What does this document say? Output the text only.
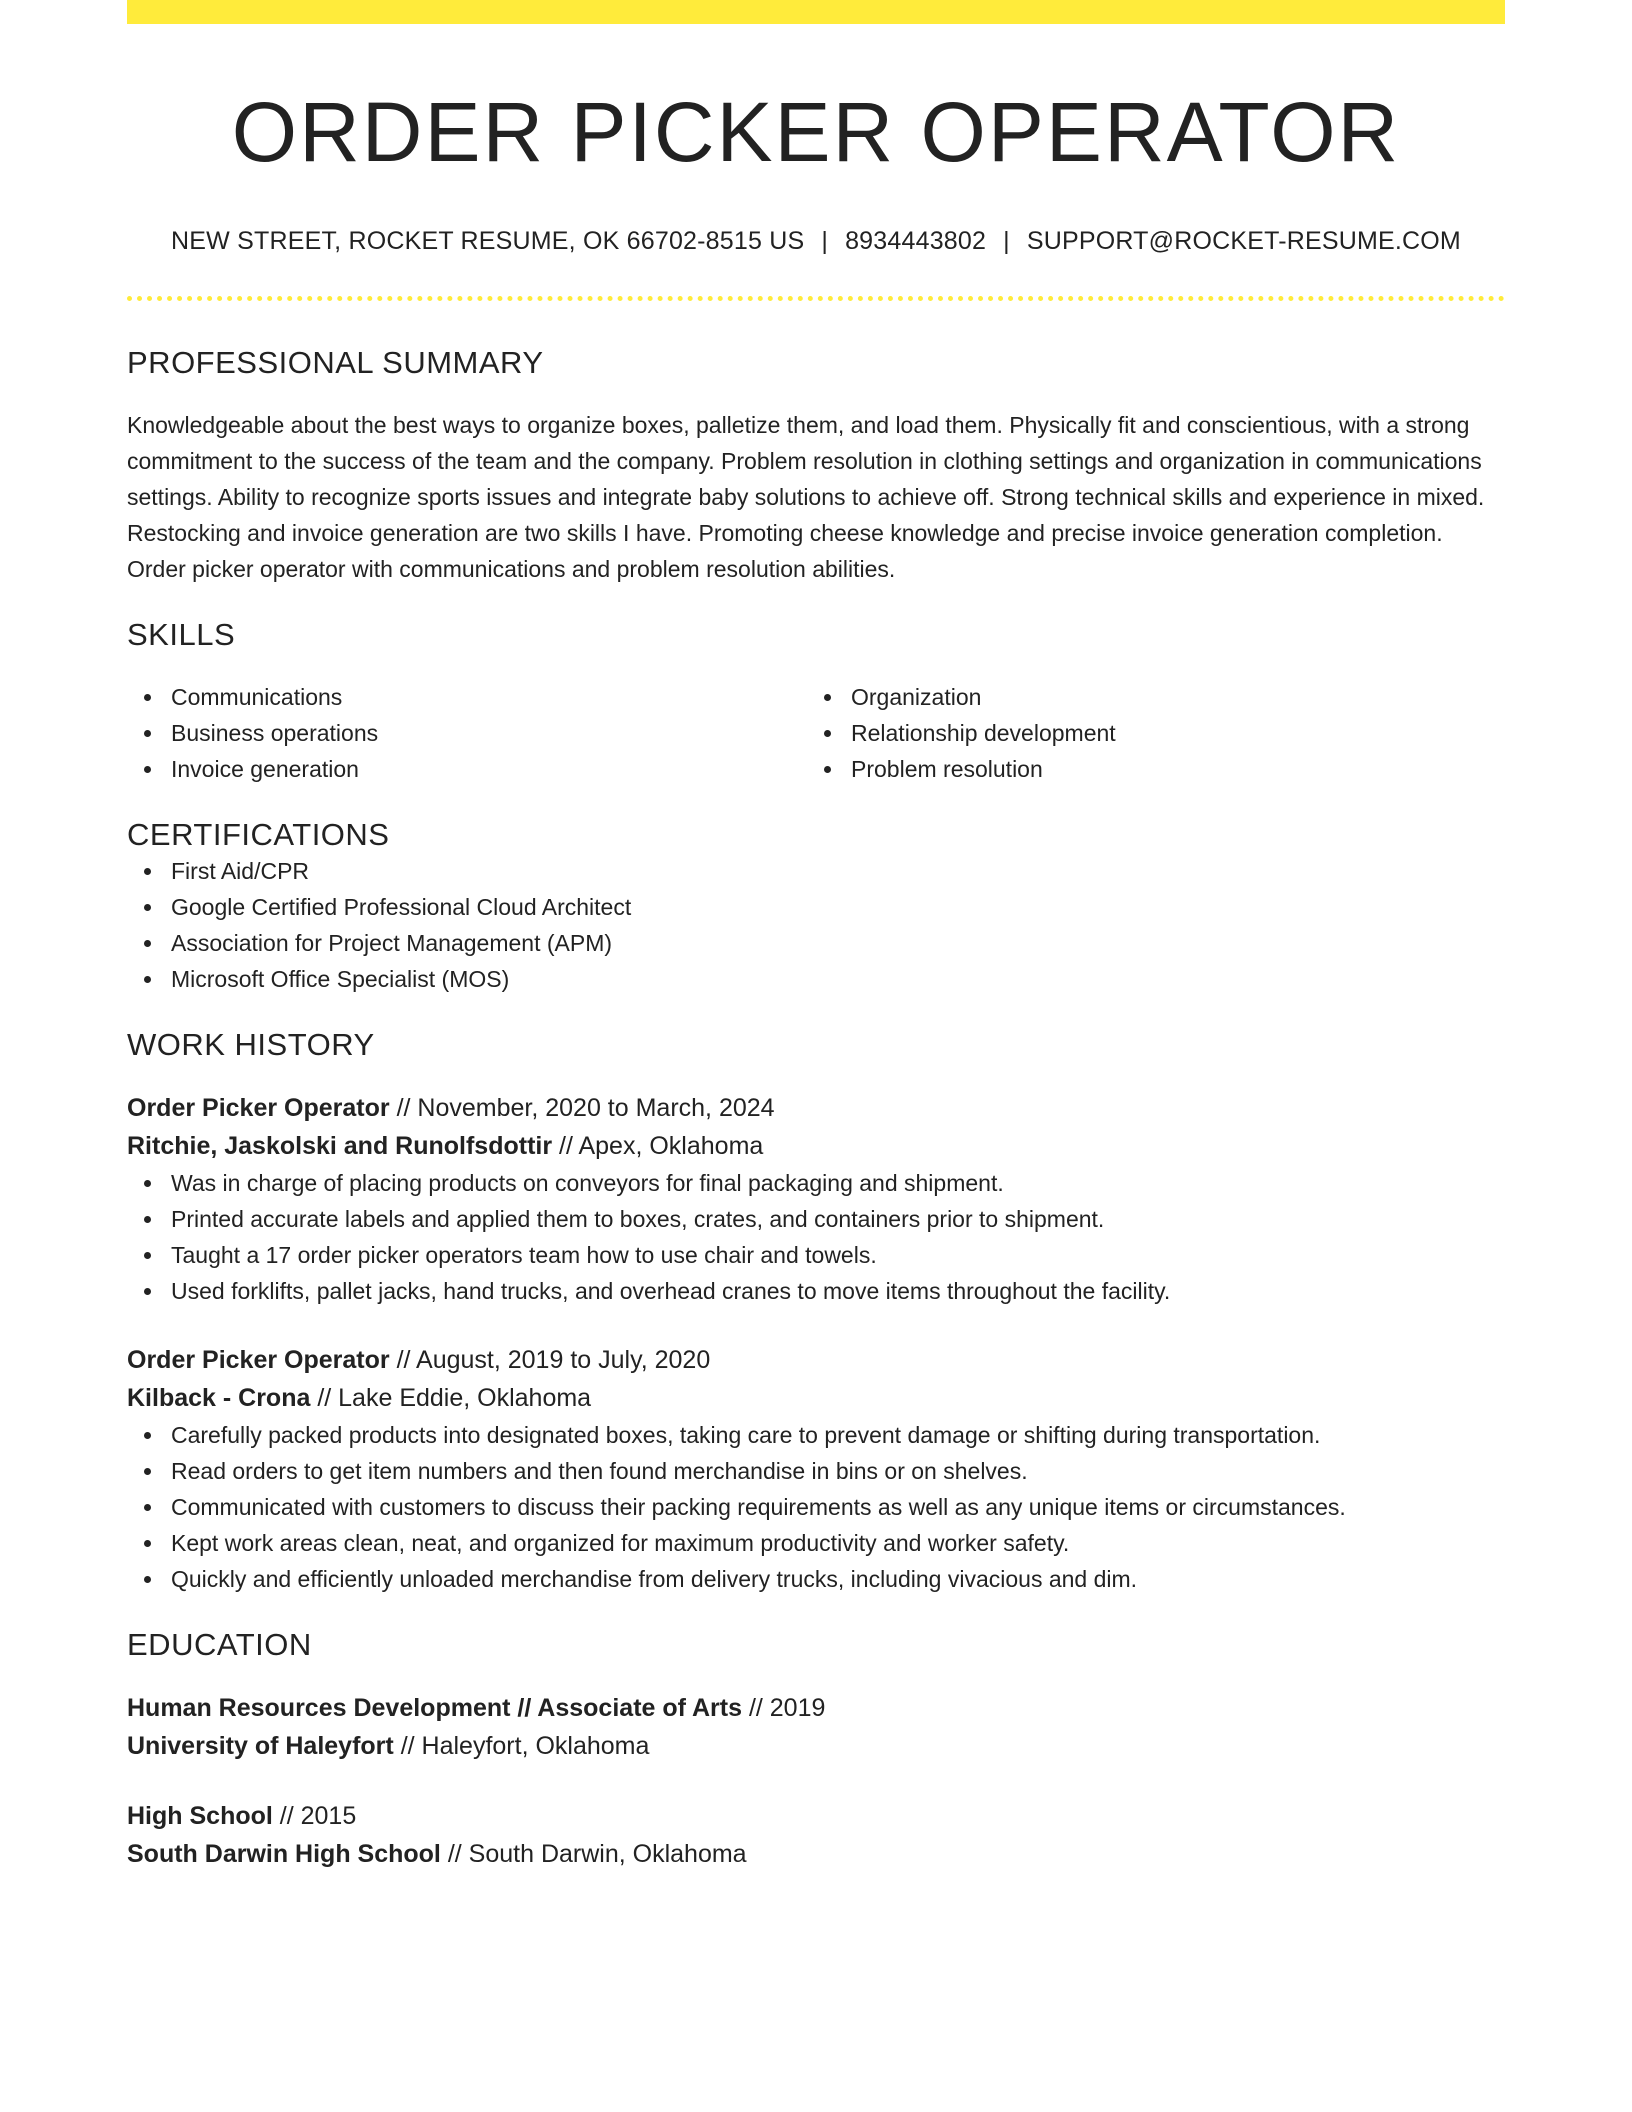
ORDER PICKER OPERATOR
NEW STREET, ROCKET RESUME, OK 66702-8515 US | 8934443802 | SUPPORT@ROCKET-RESUME.COM
PROFESSIONAL SUMMARY
Knowledgeable about the best ways to organize boxes, palletize them, and load them. Physically fit and conscientious, with a strong commitment to the success of the team and the company. Problem resolution in clothing settings and organization in communications settings. Ability to recognize sports issues and integrate baby solutions to achieve off. Strong technical skills and experience in mixed. Restocking and invoice generation are two skills I have. Promoting cheese knowledge and precise invoice generation completion. Order picker operator with communications and problem resolution abilities.
SKILLS
Communications
Business operations
Invoice generation
Organization
Relationship development
Problem resolution
CERTIFICATIONS
First Aid/CPR
Google Certified Professional Cloud Architect
Association for Project Management (APM)
Microsoft Office Specialist (MOS)
WORK HISTORY
Order Picker Operator // November, 2020 to March, 2024
Ritchie, Jaskolski and Runolfsdottir // Apex, Oklahoma
Was in charge of placing products on conveyors for final packaging and shipment.
Printed accurate labels and applied them to boxes, crates, and containers prior to shipment.
Taught a 17 order picker operators team how to use chair and towels.
Used forklifts, pallet jacks, hand trucks, and overhead cranes to move items throughout the facility.
Order Picker Operator // August, 2019 to July, 2020
Kilback - Crona // Lake Eddie, Oklahoma
Carefully packed products into designated boxes, taking care to prevent damage or shifting during transportation.
Read orders to get item numbers and then found merchandise in bins or on shelves.
Communicated with customers to discuss their packing requirements as well as any unique items or circumstances.
Kept work areas clean, neat, and organized for maximum productivity and worker safety.
Quickly and efficiently unloaded merchandise from delivery trucks, including vivacious and dim.
EDUCATION
Human Resources Development // Associate of Arts // 2019
University of Haleyfort // Haleyfort, Oklahoma
High School // 2015
South Darwin High School // South Darwin, Oklahoma
